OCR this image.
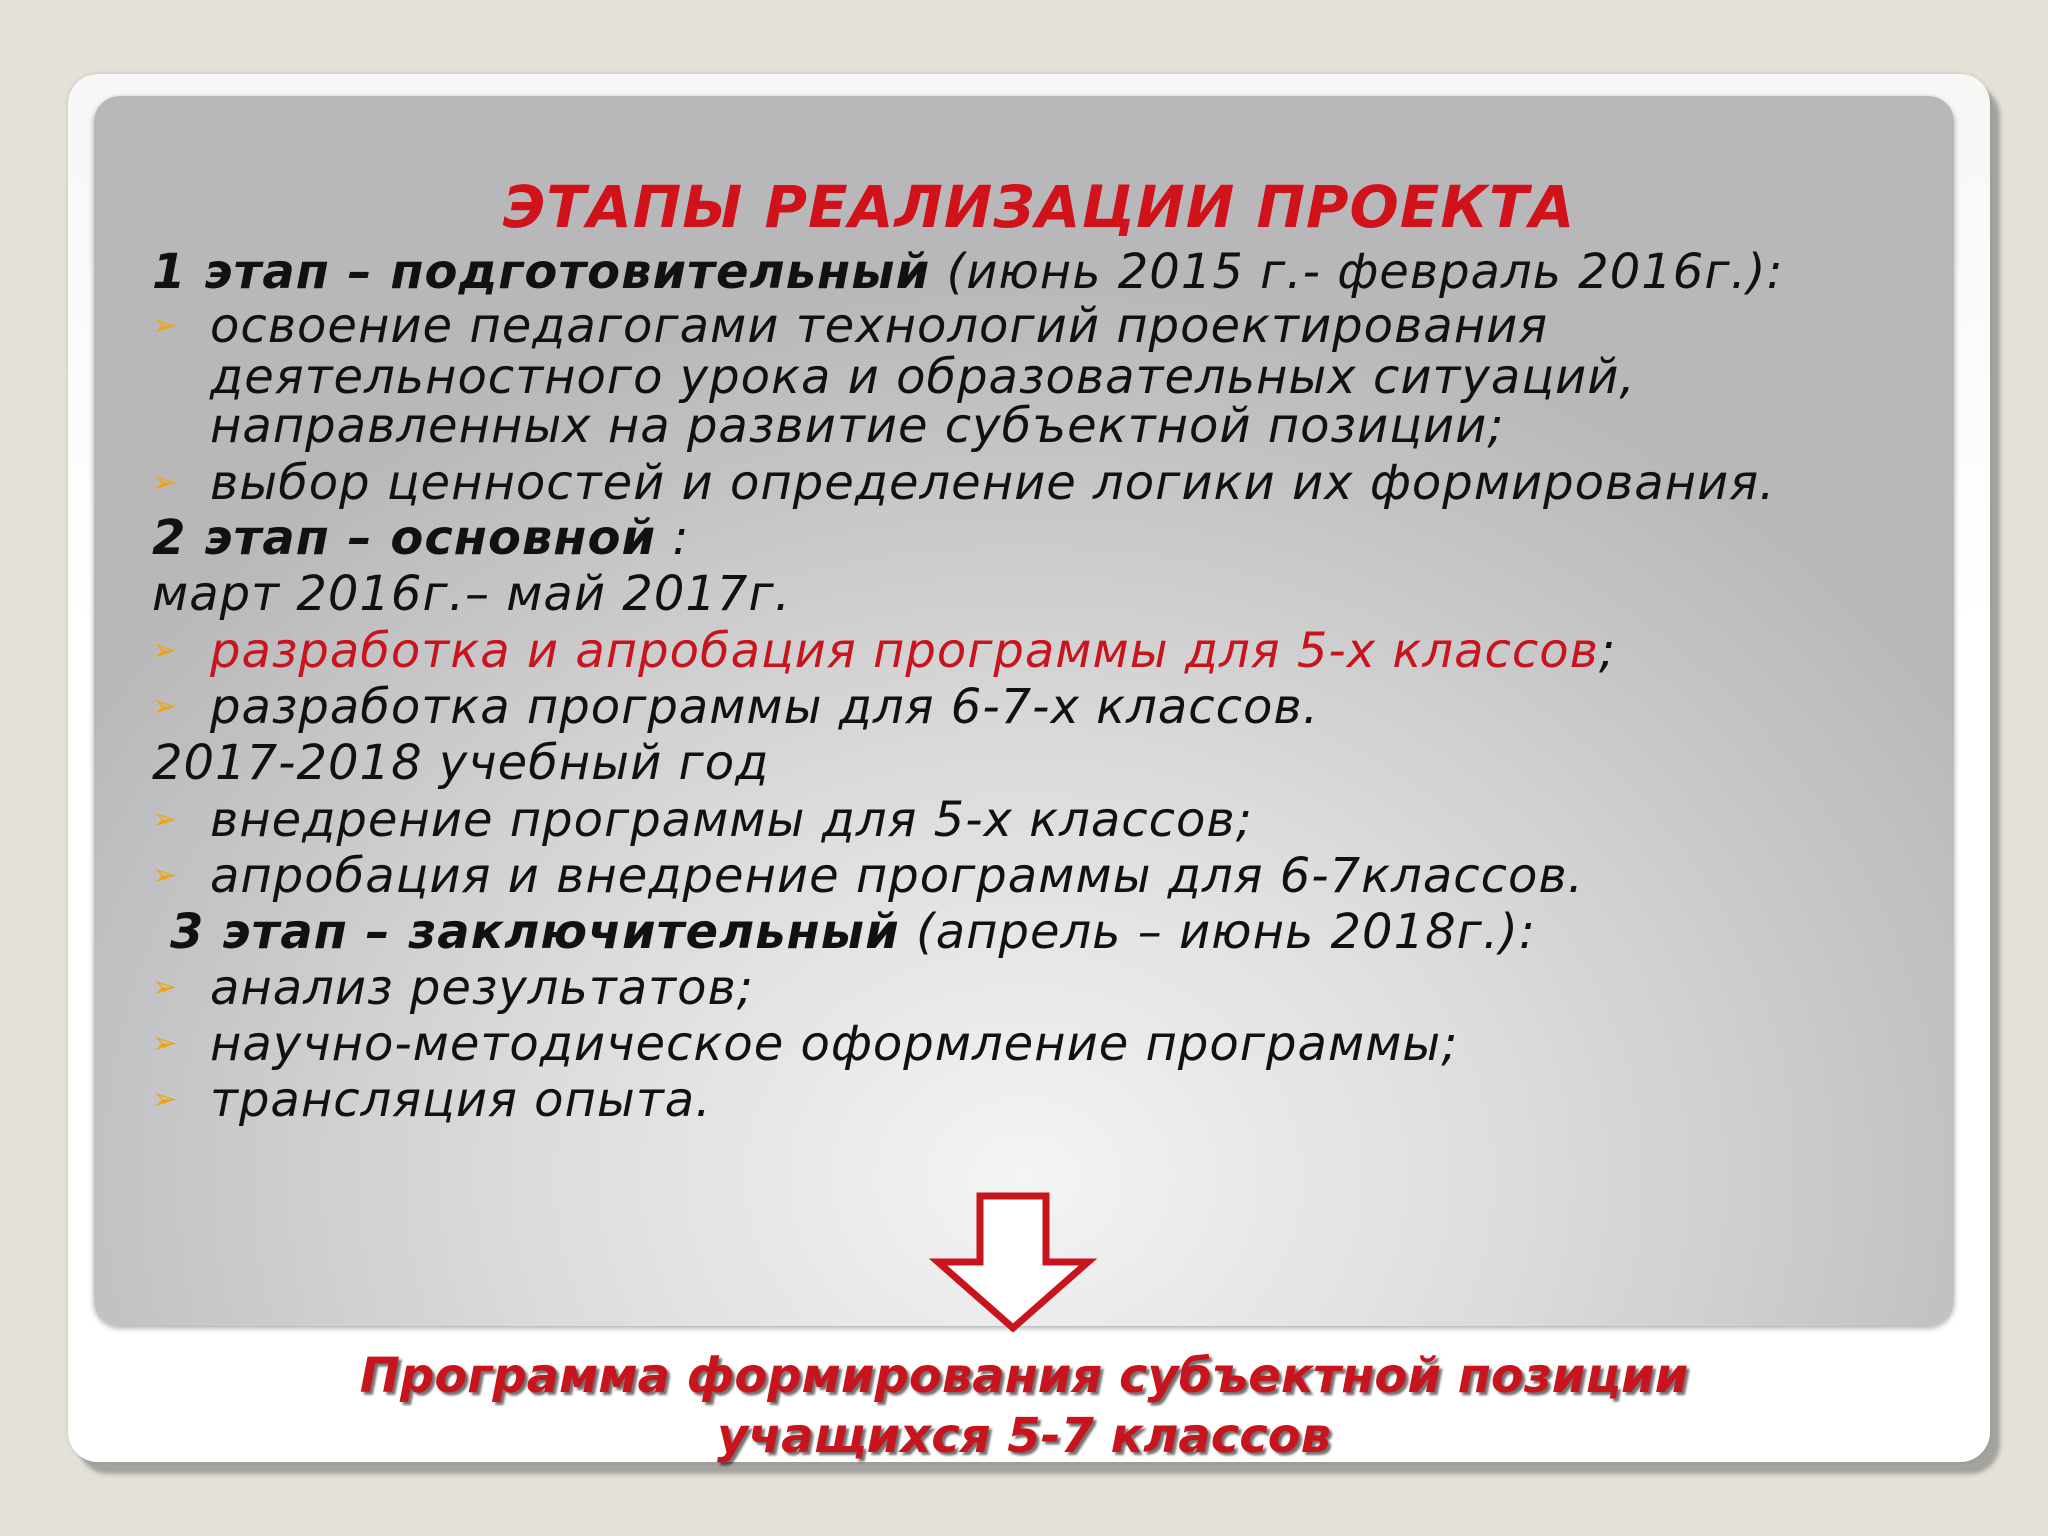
ЭТАПЫ РЕАЛИЗАЦИИ ПРОЕКТА
1 этап – подготовительный (июнь 2015 г.- февраль 2016г.):
➢ освоение педагогами технологий проектирования
деятельностного урока и образовательных ситуаций,
направленных на развитие субъектной позиции;
➢ выбор ценностей и определение логики их формирования.
2 этап – основной :
март 2016г.– май 2017г.
➢ разработка и апробация программы для 5-х классов;
➢ разработка программы для 6-7-х классов.
2017-2018 учебный год
➢ внедрение программы для 5-х классов;
➢ апробация и внедрение программы для 6-7классов.
3 этап – заключительный (апрель – июнь 2018г.):
➢ анализ результатов;
➢ научно-методическое оформление программы;
➢ трансляция опыта.
Программа формирования субъектной позиции
учащихся 5-7 классов
